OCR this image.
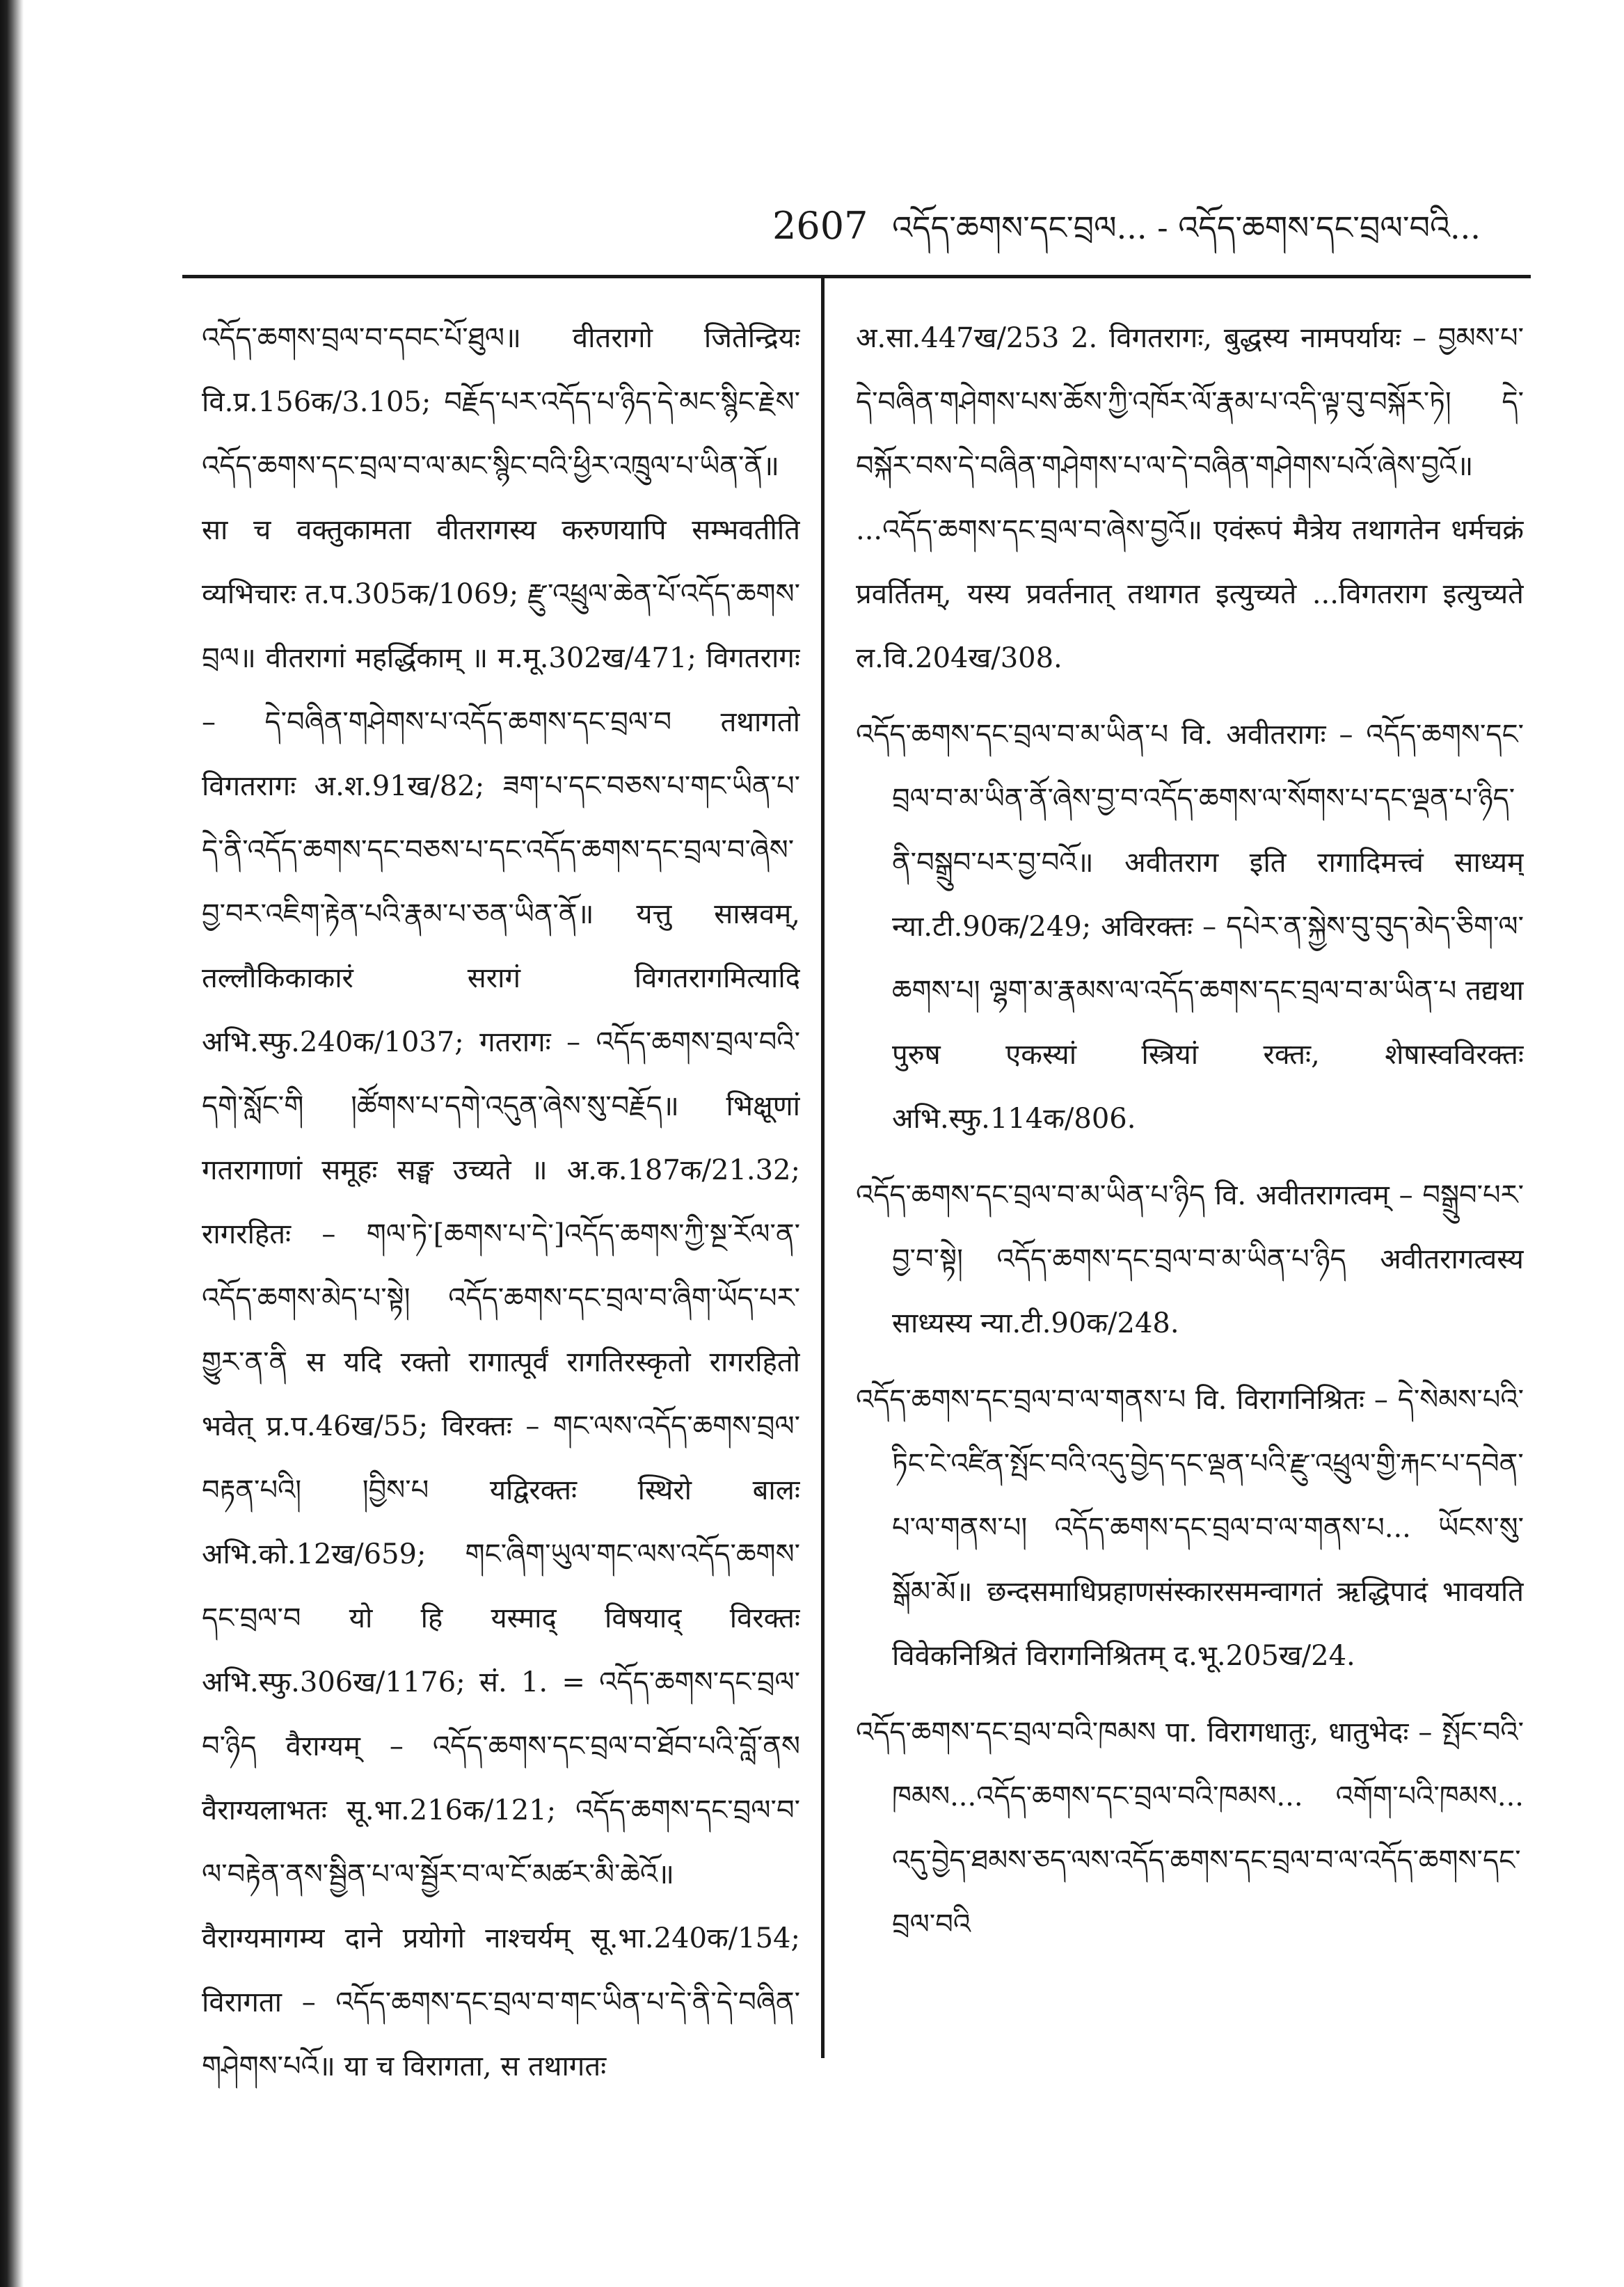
2607 འདོད་ཆགས་དང་བྲལ... - འདོད་ཆགས་དང་བྲལ་བའི...

འདོད་ཆགས་བྲལ་བ་དབང་པོ་ཐུལ॥ वीतरागो जितेन्द्रियः वि.प्र.156क/3.105; བརྗོད་པར་འདོད་པ་ཉིད་དེ་མང་སྙིང་རྗེས་འདོད་ཆགས་དང་བྲལ་བ་ལ་མང་སྙིང་བའི་ཕྱིར་འཁྲུལ་པ་ཡིན་ནོ॥ सा च वक्तुकामता वीतरागस्य करुणयापि सम्भवतीति व्यभिचारः त.प.305क/1069; རྫུ་འཕྲུལ་ཆེན་པོ་འདོད་ཆགས་བྲལ॥ वीतरागां महर्द्धिकाम् ॥ म.मू.302ख/471; विगतरागः – དེ་བཞིན་གཤེགས་པ་འདོད་ཆགས་དང་བྲལ་བ तथागतो विगतरागः अ.श.91ख/82; ཟག་པ་དང་བཅས་པ་གང་ཡིན་པ་དེ་ནི་འདོད་ཆགས་དང་བཅས་པ་དང་འདོད་ཆགས་དང་བྲལ་བ་ཞེས་བྱ་བར་འཇིག་རྟེན་པའི་རྣམ་པ་ཅན་ཡིན་ནོ॥ यत्तु सास्रवम्, तल्लौकिकाकारं सरागं विगतरागमित्यादि अभि.स्फु.240क/1037; गतरागः – འདོད་ཆགས་བྲལ་བའི་དགེ་སློང་གི །ཚོགས་པ་དགེ་འདུན་ཞེས་སུ་བརྗོད॥ भिक्षूणां गतरागाणां समूहः सङ्घ उच्यते ॥ अ.क.187क/21.32; रागरहितः – གལ་ཏེ་[ཆགས་པ་དེ་]འདོད་ཆགས་ཀྱི་སྔ་རོལ་ན་འདོད་ཆགས་མེད་པ་སྟེ། འདོད་ཆགས་དང་བྲལ་བ་ཞིག་ཡོད་པར་གྱུར་ན་ནི स यदि रक्तो रागात्पूर्वं रागतिरस्कृतो रागरहितो भवेत् प्र.प.46ख/55; विरक्तः – གང་ལས་འདོད་ཆགས་བྲལ་བརྟན་པའི། །བྱིས་པ यद्विरक्तः स्थिरो बालः अभि.को.12ख/659; གང་ཞིག་ཡུལ་གང་ལས་འདོད་ཆགས་དང་བྲལ་བ यो हि यस्माद् विषयाद् विरक्तः अभि.स्फु.306ख/1176; सं. 1. = འདོད་ཆགས་དང་བྲལ་བ་ཉིད वैराग्यम् – འདོད་ཆགས་དང་བྲལ་བ་ཐོབ་པའི་བློ་ནས वैराग्यलाभतः सू.भा.216क/121; འདོད་ཆགས་དང་བྲལ་བ་ལ་བརྟེན་ནས་སྦྱིན་པ་ལ་སྦྱོར་བ་ལ་ངོ་མཚར་མི་ཆེའོ॥ वैराग्यमागम्य दाने प्रयोगो नाश्चर्यम् सू.भा.240क/154; विरागता – འདོད་ཆགས་དང་བྲལ་བ་གང་ཡིན་པ་དེ་ནི་དེ་བཞིན་གཤེགས་པའོ॥ या च विरागता, स तथागतः

अ.सा.447ख/253 2. विगतरागः, बुद्धस्य नामपर्यायः – བྱམས་པ་དེ་བཞིན་གཤེགས་པས་ཆོས་ཀྱི་འཁོར་ལོ་རྣམ་པ་འདི་ལྟ་བུ་བསྐོར་ཏེ། དེ་བསྐོར་བས་དེ་བཞིན་གཤེགས་པ་ལ་དེ་བཞིན་གཤེགས་པའོ་ཞེས་བྱའོ॥ ...འདོད་ཆགས་དང་བྲལ་བ་ཞེས་བྱའོ॥ एवंरूपं मैत्रेय तथागतेन धर्मचक्रं प्रवर्तितम्, यस्य प्रवर्तनात् तथागत इत्युच्यते ...विगतराग इत्युच्यते ल.वि.204ख/308.

འདོད་ཆགས་དང་བྲལ་བ་མ་ཡིན་པ वि. अवीतरागः – འདོད་ཆགས་དང་བྲལ་བ་མ་ཡིན་ནོ་ཞེས་བྱ་བ་འདོད་ཆགས་ལ་སོགས་པ་དང་ལྡན་པ་ཉིད་ནི་བསྒྲུབ་པར་བྱ་བའོ॥ अवीतराग इति रागादिमत्त्वं साध्यम् न्या.टी.90क/249; अविरक्तः – དཔེར་ན་སྐྱེས་བུ་བུད་མེད་ཅིག་ལ་ཆགས་པ། ལྷག་མ་རྣམས་ལ་འདོད་ཆགས་དང་བྲལ་བ་མ་ཡིན་པ तद्यथा पुरुष एकस्यां स्त्रियां रक्तः, शेषास्वविरक्तः अभि.स्फु.114क/806.

འདོད་ཆགས་དང་བྲལ་བ་མ་ཡིན་པ་ཉིད वि. अवीतरागत्वम् – བསྒྲུབ་པར་བྱ་བ་སྟེ། འདོད་ཆགས་དང་བྲལ་བ་མ་ཡིན་པ་ཉིད अवीतरागत्वस्य साध्यस्य न्या.टी.90क/248.

འདོད་ཆགས་དང་བྲལ་བ་ལ་གནས་པ वि. विरागनिश्रितः – དེ་སེམས་པའི་ཏིང་ངེ་འཛིན་སྤོང་བའི་འདུ་བྱེད་དང་ལྡན་པའི་རྫུ་འཕྲུལ་གྱི་རྐང་པ་དབེན་པ་ལ་གནས་པ། འདོད་ཆགས་དང་བྲལ་བ་ལ་གནས་པ... ཡོངས་སུ་སྒོམ་མོ॥ छन्दसमाधिप्रहाणसंस्कारसमन्वागतं ऋद्धिपादं भावयति विवेकनिश्रितं विरागनिश्रितम् द.भू.205ख/24.

འདོད་ཆགས་དང་བྲལ་བའི་ཁམས पा. विरागधातुः, धातुभेदः – སྤོང་བའི་ཁམས...འདོད་ཆགས་དང་བྲལ་བའི་ཁམས... འགོག་པའི་ཁམས... འདུ་བྱེད་ཐམས་ཅད་ལས་འདོད་ཆགས་དང་བྲལ་བ་ལ་འདོད་ཆགས་དང་བྲལ་བའི
